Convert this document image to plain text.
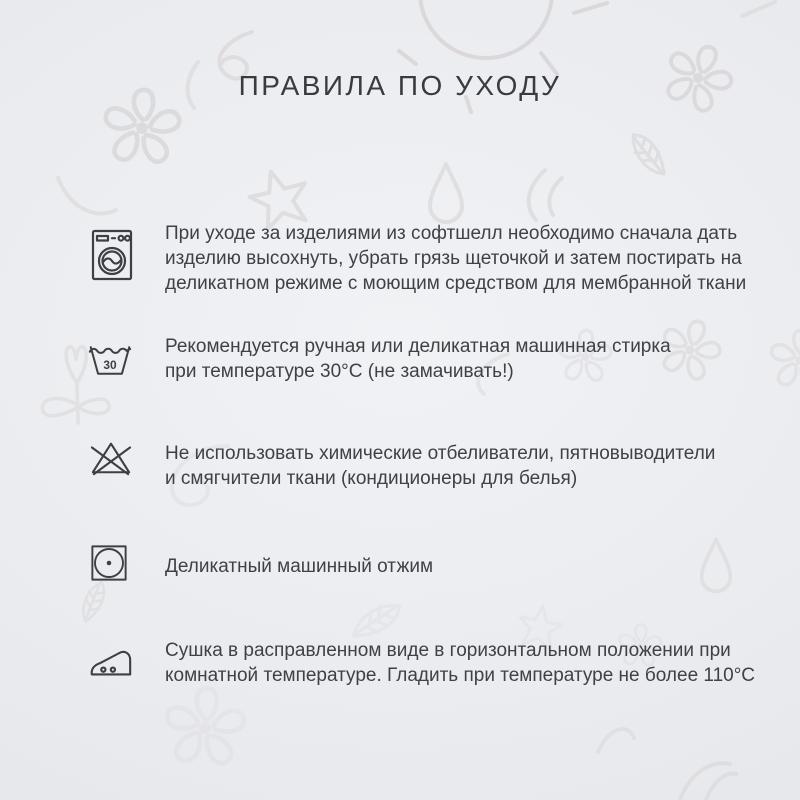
ПРАВИЛА ПО УХОДУ
При уходе за изделиями из софтшелл необходимо сначала дать
изделию высохнуть, убрать грязь щеточкой и затем постирать на
деликатном режиме с моющим средством для мембранной ткани
30
Рекомендуется ручная или деликатная машинная стирка
при температуре 30°С (не замачивать!)
Не использовать химические отбеливатели, пятновыводители
и смягчители ткани (кондиционеры для белья)
Деликатный машинный отжим
Сушка в расправленном виде в горизонтальном положении при
комнатной температуре. Гладить при температуре не более 110°С
